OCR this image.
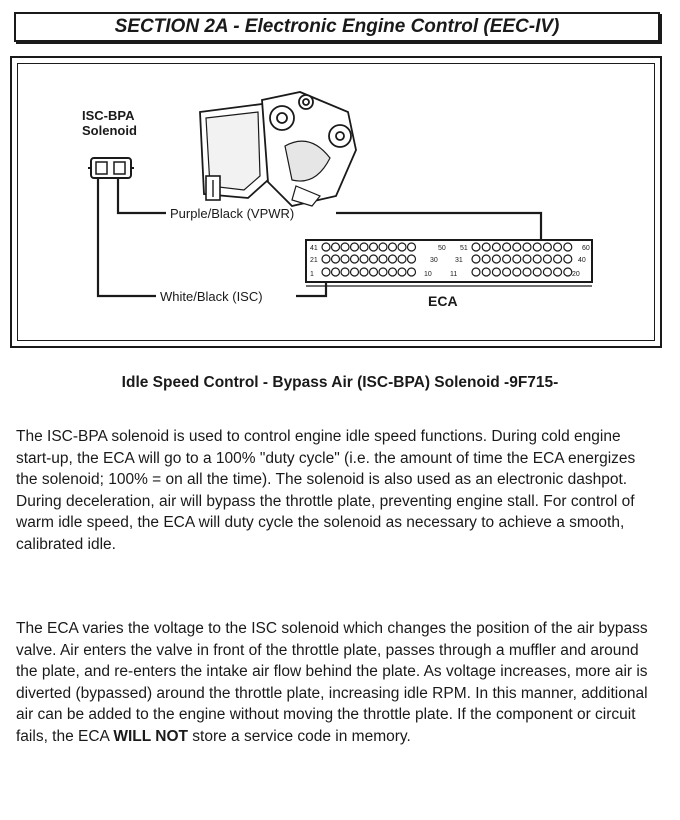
SECTION 2A - Electronic Engine Control (EEC-IV)
ISC-BPA
Solenoid
Purple/Black (VPWR)
White/Black (ISC)
41	50 51	60
21	30 31	40
1	10	11	20
ECA
Idle Speed Control - Bypass Air (ISC-BPA) Solenoid -9F715-

The ISC-BPA solenoid is used to control engine idle speed functions. During cold engine start-up, the ECA will go to a 100% "duty cycle" (i.e. the amount of time the ECA energizes the solenoid; 100% = on all the time). The solenoid is also used as an electronic dashpot. During deceleration, air will bypass the throttle plate, preventing engine stall. For control of warm idle speed, the ECA will duty cycle the solenoid as necessary to achieve a smooth, calibrated idle.

The ECA varies the voltage to the ISC solenoid which changes the position of the air bypass valve. Air enters the valve in front of the throttle plate, passes through a muffler and around the plate, and re-enters the intake air flow behind the plate. As voltage increases, more air is diverted (bypassed) around the throttle plate, increasing idle RPM. In this manner, additional air can be added to the engine without moving the throttle plate. If the component or circuit fails, the ECA WILL NOT store a service code in memory.
